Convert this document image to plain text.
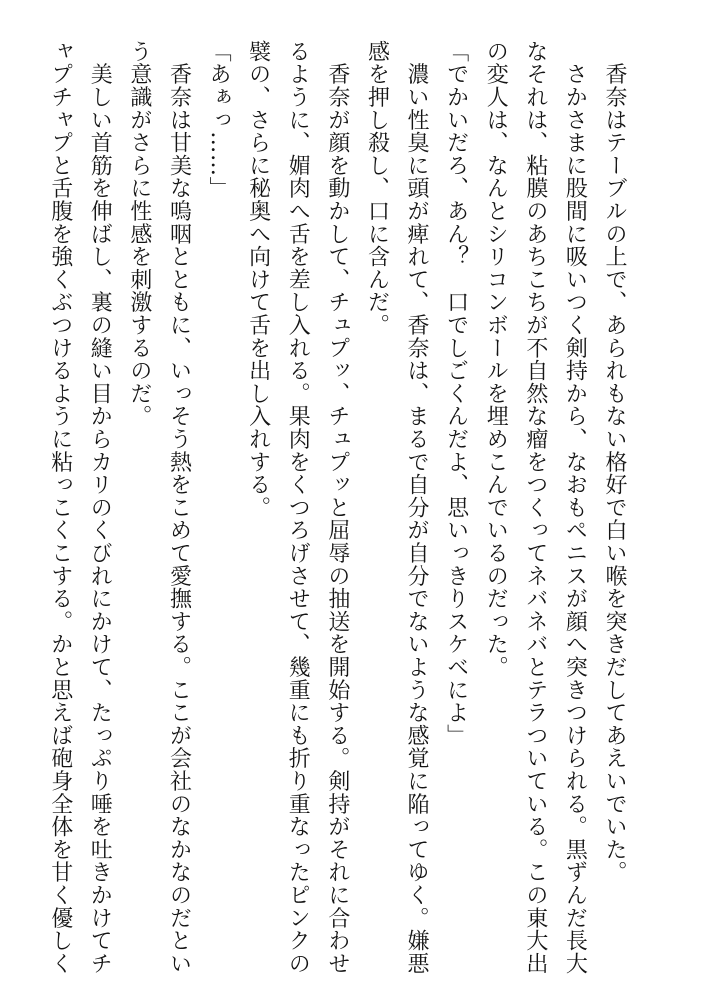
　香奈はテーブルの上で、あられもない格好で白い喉を突きだしてあえいでいた。

　さかさまに股間に吸いつく剣持から、なおもペニスが顔へ突きつけられる。黒ずんだ長大

なそれは、粘膜のあちこちが不自然な瘤をつくってネバネバとテラついている。この東大出

の変人は、なんとシリコンボールを埋めこんでいるのだった。

「でかいだろ、あん？　口でしごくんだよ、思いっきりスケベによ」

　濃い性臭に頭が痺れて、香奈は、まるで自分が自分でないような感覚に陥ってゆく。嫌悪

感を押し殺し、口に含んだ。

　香奈が顔を動かして、チュプッ、チュプッと屈辱の抽送を開始する。剣持がそれに合わせ

るように、媚肉へ舌を差し入れる。果肉をくつろげさせて、幾重にも折り重なったピンクの

襞の、さらに秘奥へ向けて舌を出し入れする。

「あぁっ……」

　香奈は甘美な嗚咽とともに、いっそう熱をこめて愛撫する。ここが会社のなかなのだとい

う意識がさらに性感を刺激するのだ。

　美しい首筋を伸ばし、裏の縫い目からカリのくびれにかけて、たっぷり唾を吐きかけてチ

ャプチャプと舌腹を強くぶつけるように粘っこくこする。かと思えば砲身全体を甘く優しく
